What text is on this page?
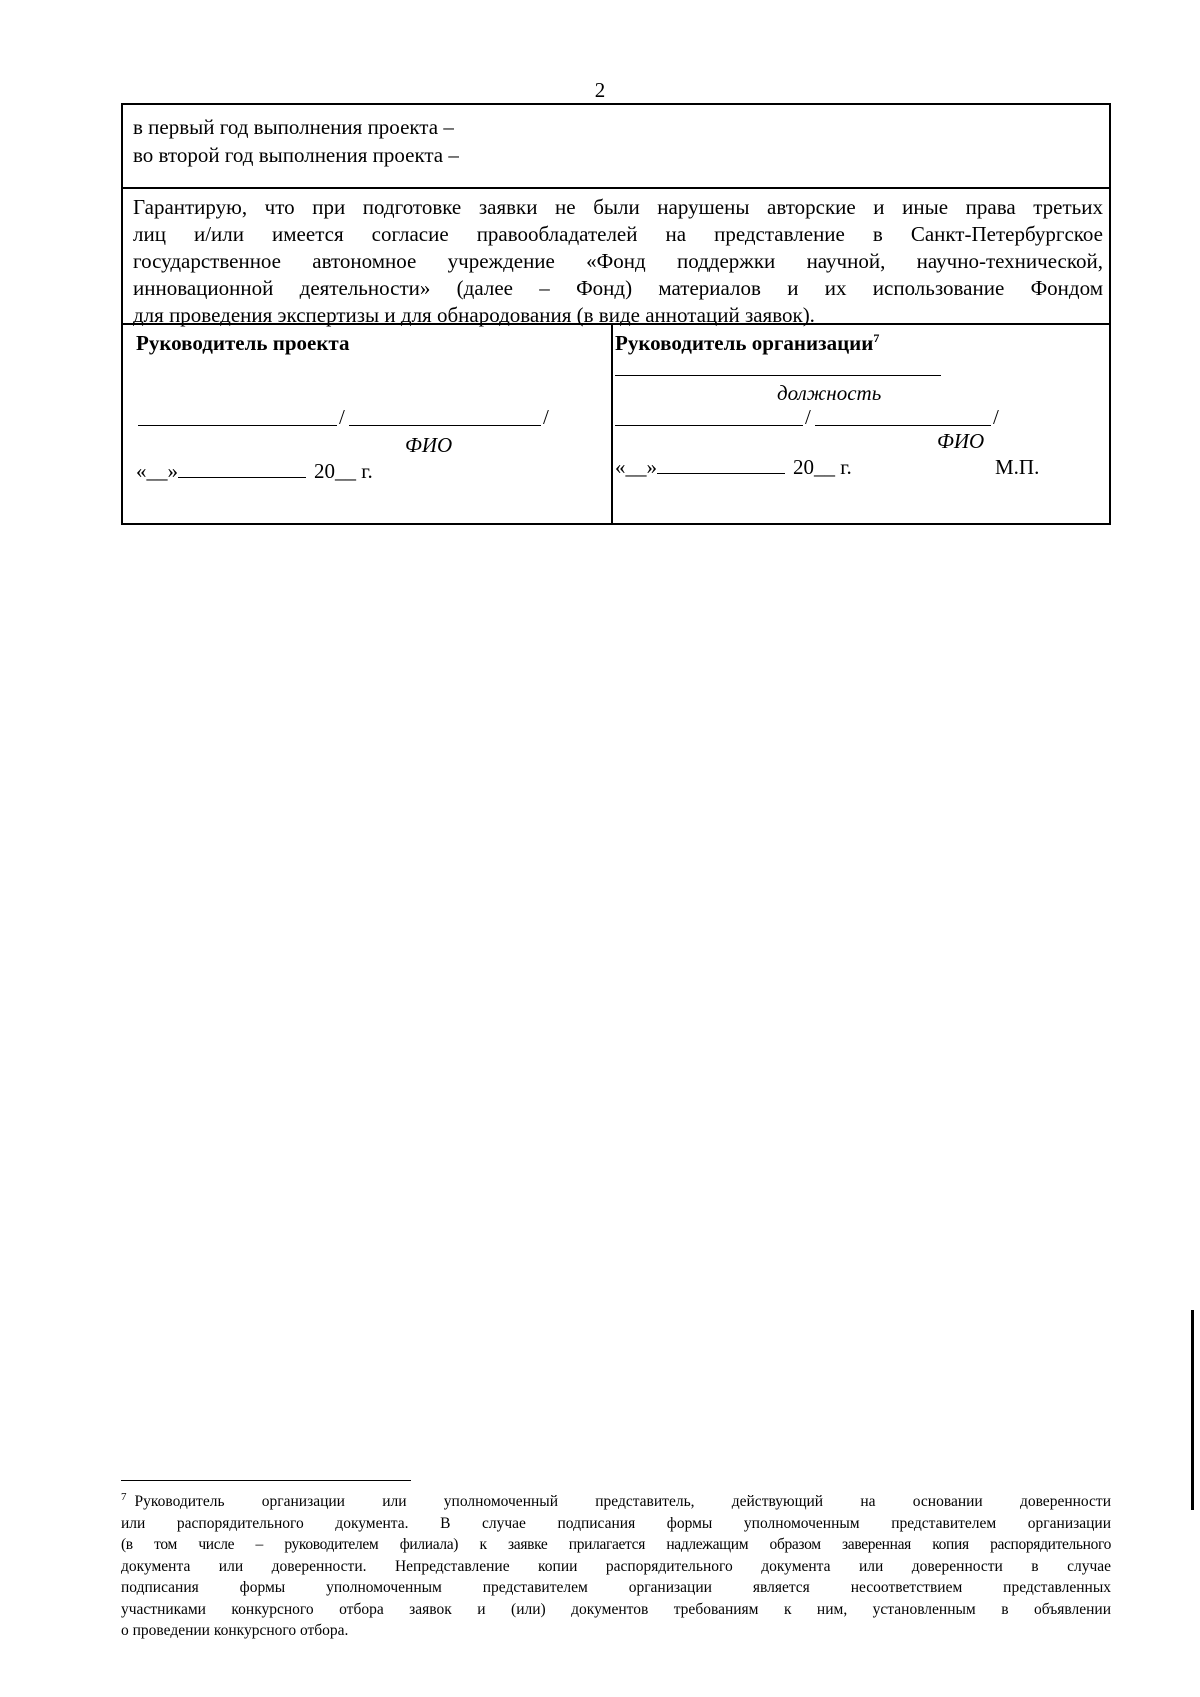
2
в первый год выполнения проекта –
во второй год выполнения проекта –
Гарантирую, что при подготовке заявки не были нарушены авторские и иные права третьих
лиц и/или имеется согласие правообладателей на представление в Санкт-Петербургское
государственное автономное учреждение «Фонд поддержки научной, научно-технической,
инновационной деятельности» (далее – Фонд) материалов и их использование Фондом
для проведения экспертизы и для обнародования (в виде аннотаций заявок).
Руководитель проекта
/	/
ФИО
«__»	20__ г.
Руководитель организации$^7$
должность
/	/
ФИО
«__»	20__ г.	М.П.
$^7$ Руководитель организации или уполномоченный представитель, действующий на основании доверенности
или распорядительного документа. В случае подписания формы уполномоченным представителем организации
(в том числе – руководителем филиала) к заявке прилагается надлежащим образом заверенная копия распорядительного
документа или доверенности. Непредставление копии распорядительного документа или доверенности в случае
подписания формы уполномоченным представителем организации является несоответствием представленных
участниками конкурсного отбора заявок и (или) документов требованиям к ним, установленным в объявлении
о проведении конкурсного отбора.
